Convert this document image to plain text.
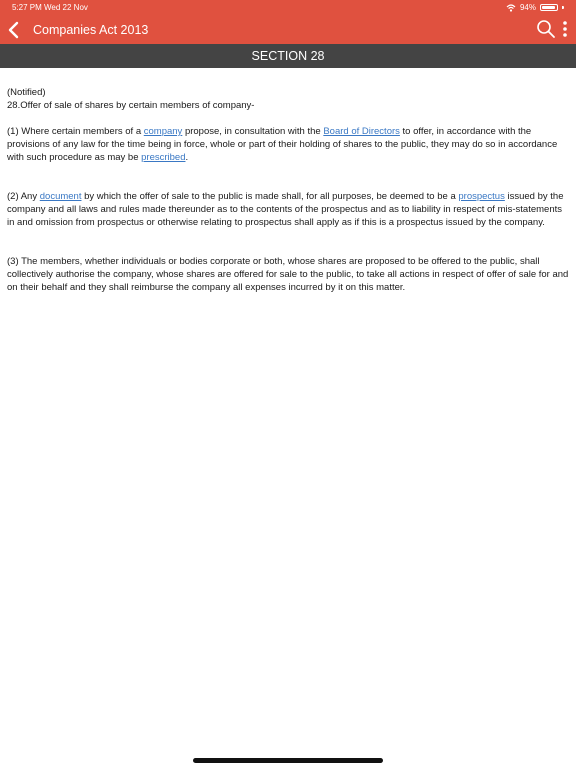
5:27 PM Wed 22 Nov	94%
Companies Act 2013
SECTION 28

(Notified)

28.Offer of sale of shares by certain members of company-

(1) Where certain members of a company propose, in consultation with the Board of Directors to offer, in accordance with the provisions of any law for the time being in force, whole or part of their holding of shares to the public, they may do so in accordance with such procedure as may be prescribed.

(2) Any document by which the offer of sale to the public is made shall, for all purposes, be deemed to be a prospectus issued by the company and all laws and rules made thereunder as to the contents of the prospectus and as to liability in respect of mis-statements in and omission from prospectus or otherwise relating to prospectus shall apply as if this is a prospectus issued by the company.

(3) The members, whether individuals or bodies corporate or both, whose shares are proposed to be offered to the public, shall collectively authorise the company, whose shares are offered for sale to the public, to take all actions in respect of offer of sale for and on their behalf and they shall reimburse the company all expenses incurred by it on this matter.
